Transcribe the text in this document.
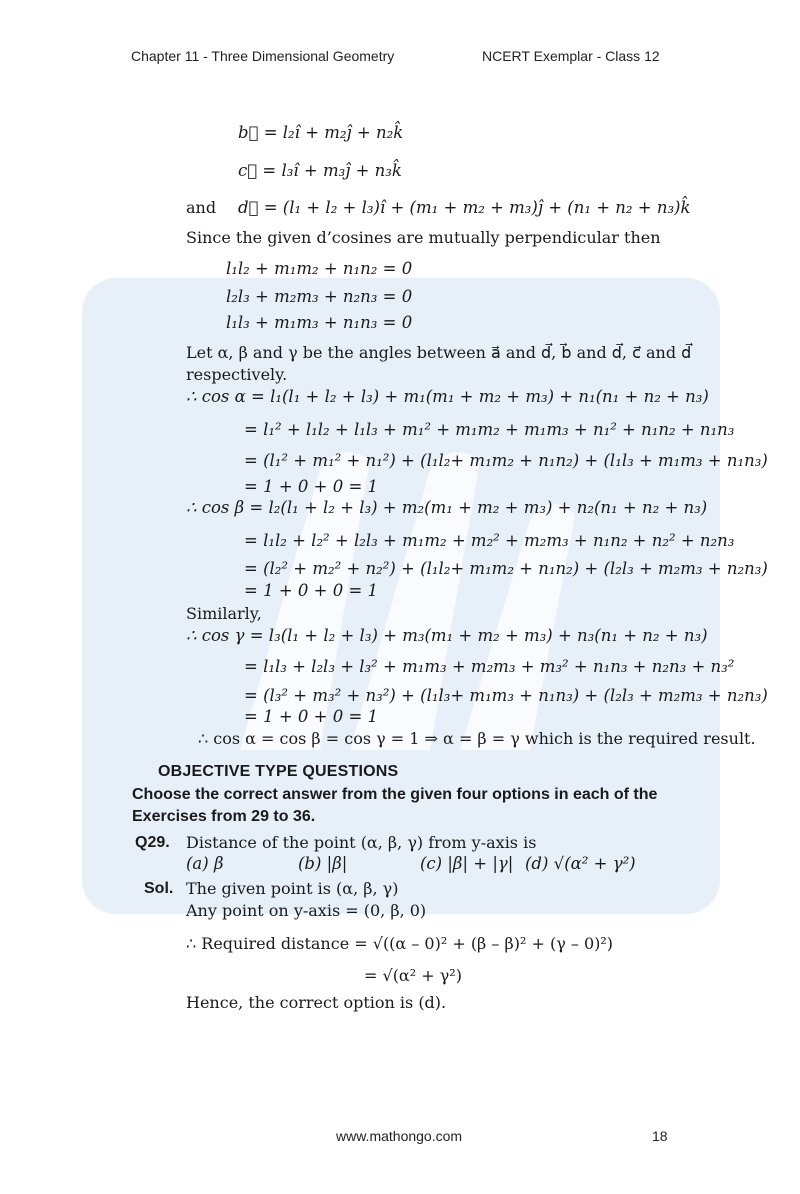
Chapter 11 - Three Dimensional Geometry	NCERT Exemplar - Class 12
b⃗ = l₂î + m₂ĵ + n₂k̂
c⃗ = l₃î + m₃ĵ + n₃k̂
and d⃗ = (l₁ + l₂ + l₃)î + (m₁ + m₂ + m₃)ĵ + (n₁ + n₂ + n₃)k̂
Since the given d’cosines are mutually perpendicular then
l₁l₂ + m₁m₂ + n₁n₂ = 0
l₂l₃ + m₂m₃ + n₂n₃ = 0
l₁l₃ + m₁m₃ + n₁n₃ = 0
Let α, β and γ be the angles between a⃗ and d⃗, b⃗ and d⃗, c⃗ and d⃗
respectively.
∴ cos α = l₁(l₁ + l₂ + l₃) + m₁(m₁ + m₂ + m₃) + n₁(n₁ + n₂ + n₃)
= l₁² + l₁l₂ + l₁l₃ + m₁² + m₁m₂ + m₁m₃ + n₁² + n₁n₂ + n₁n₃
= (l₁² + m₁² + n₁²) + (l₁l₂+ m₁m₂ + n₁n₂) + (l₁l₃ + m₁m₃ + n₁n₃)
= 1 + 0 + 0 = 1
∴ cos β = l₂(l₁ + l₂ + l₃) + m₂(m₁ + m₂ + m₃) + n₂(n₁ + n₂ + n₃)
= l₁l₂ + l₂² + l₂l₃ + m₁m₂ + m₂² + m₂m₃ + n₁n₂ + n₂² + n₂n₃
= (l₂² + m₂² + n₂²) + (l₁l₂+ m₁m₂ + n₁n₂) + (l₂l₃ + m₂m₃ + n₂n₃)
= 1 + 0 + 0 = 1
Similarly,
∴ cos γ = l₃(l₁ + l₂ + l₃) + m₃(m₁ + m₂ + m₃) + n₃(n₁ + n₂ + n₃)
= l₁l₃ + l₂l₃ + l₃² + m₁m₃ + m₂m₃ + m₃² + n₁n₃ + n₂n₃ + n₃²
= (l₃² + m₃² + n₃²) + (l₁l₃+ m₁m₃ + n₁n₃) + (l₂l₃ + m₂m₃ + n₂n₃)
= 1 + 0 + 0 = 1
∴ cos α = cos β = cos γ = 1 ⇒ α = β = γ which is the required result.
OBJECTIVE TYPE QUESTIONS
Choose the correct answer from the given four options in each of the
Exercises from 29 to 36.
Q29. Distance of the point (α, β, γ) from y-axis is
(a) β	(b) |β|	(c) |β| + |γ| (d) √(α² + γ²)
Sol. The given point is (α, β, γ)
Any point on y-axis = (0, β, 0)
∴ Required distance = √((α – 0)² + (β – β)² + (γ – 0)²)
= √(α² + γ²)
Hence, the correct option is (d).
www.mathongo.com	18
